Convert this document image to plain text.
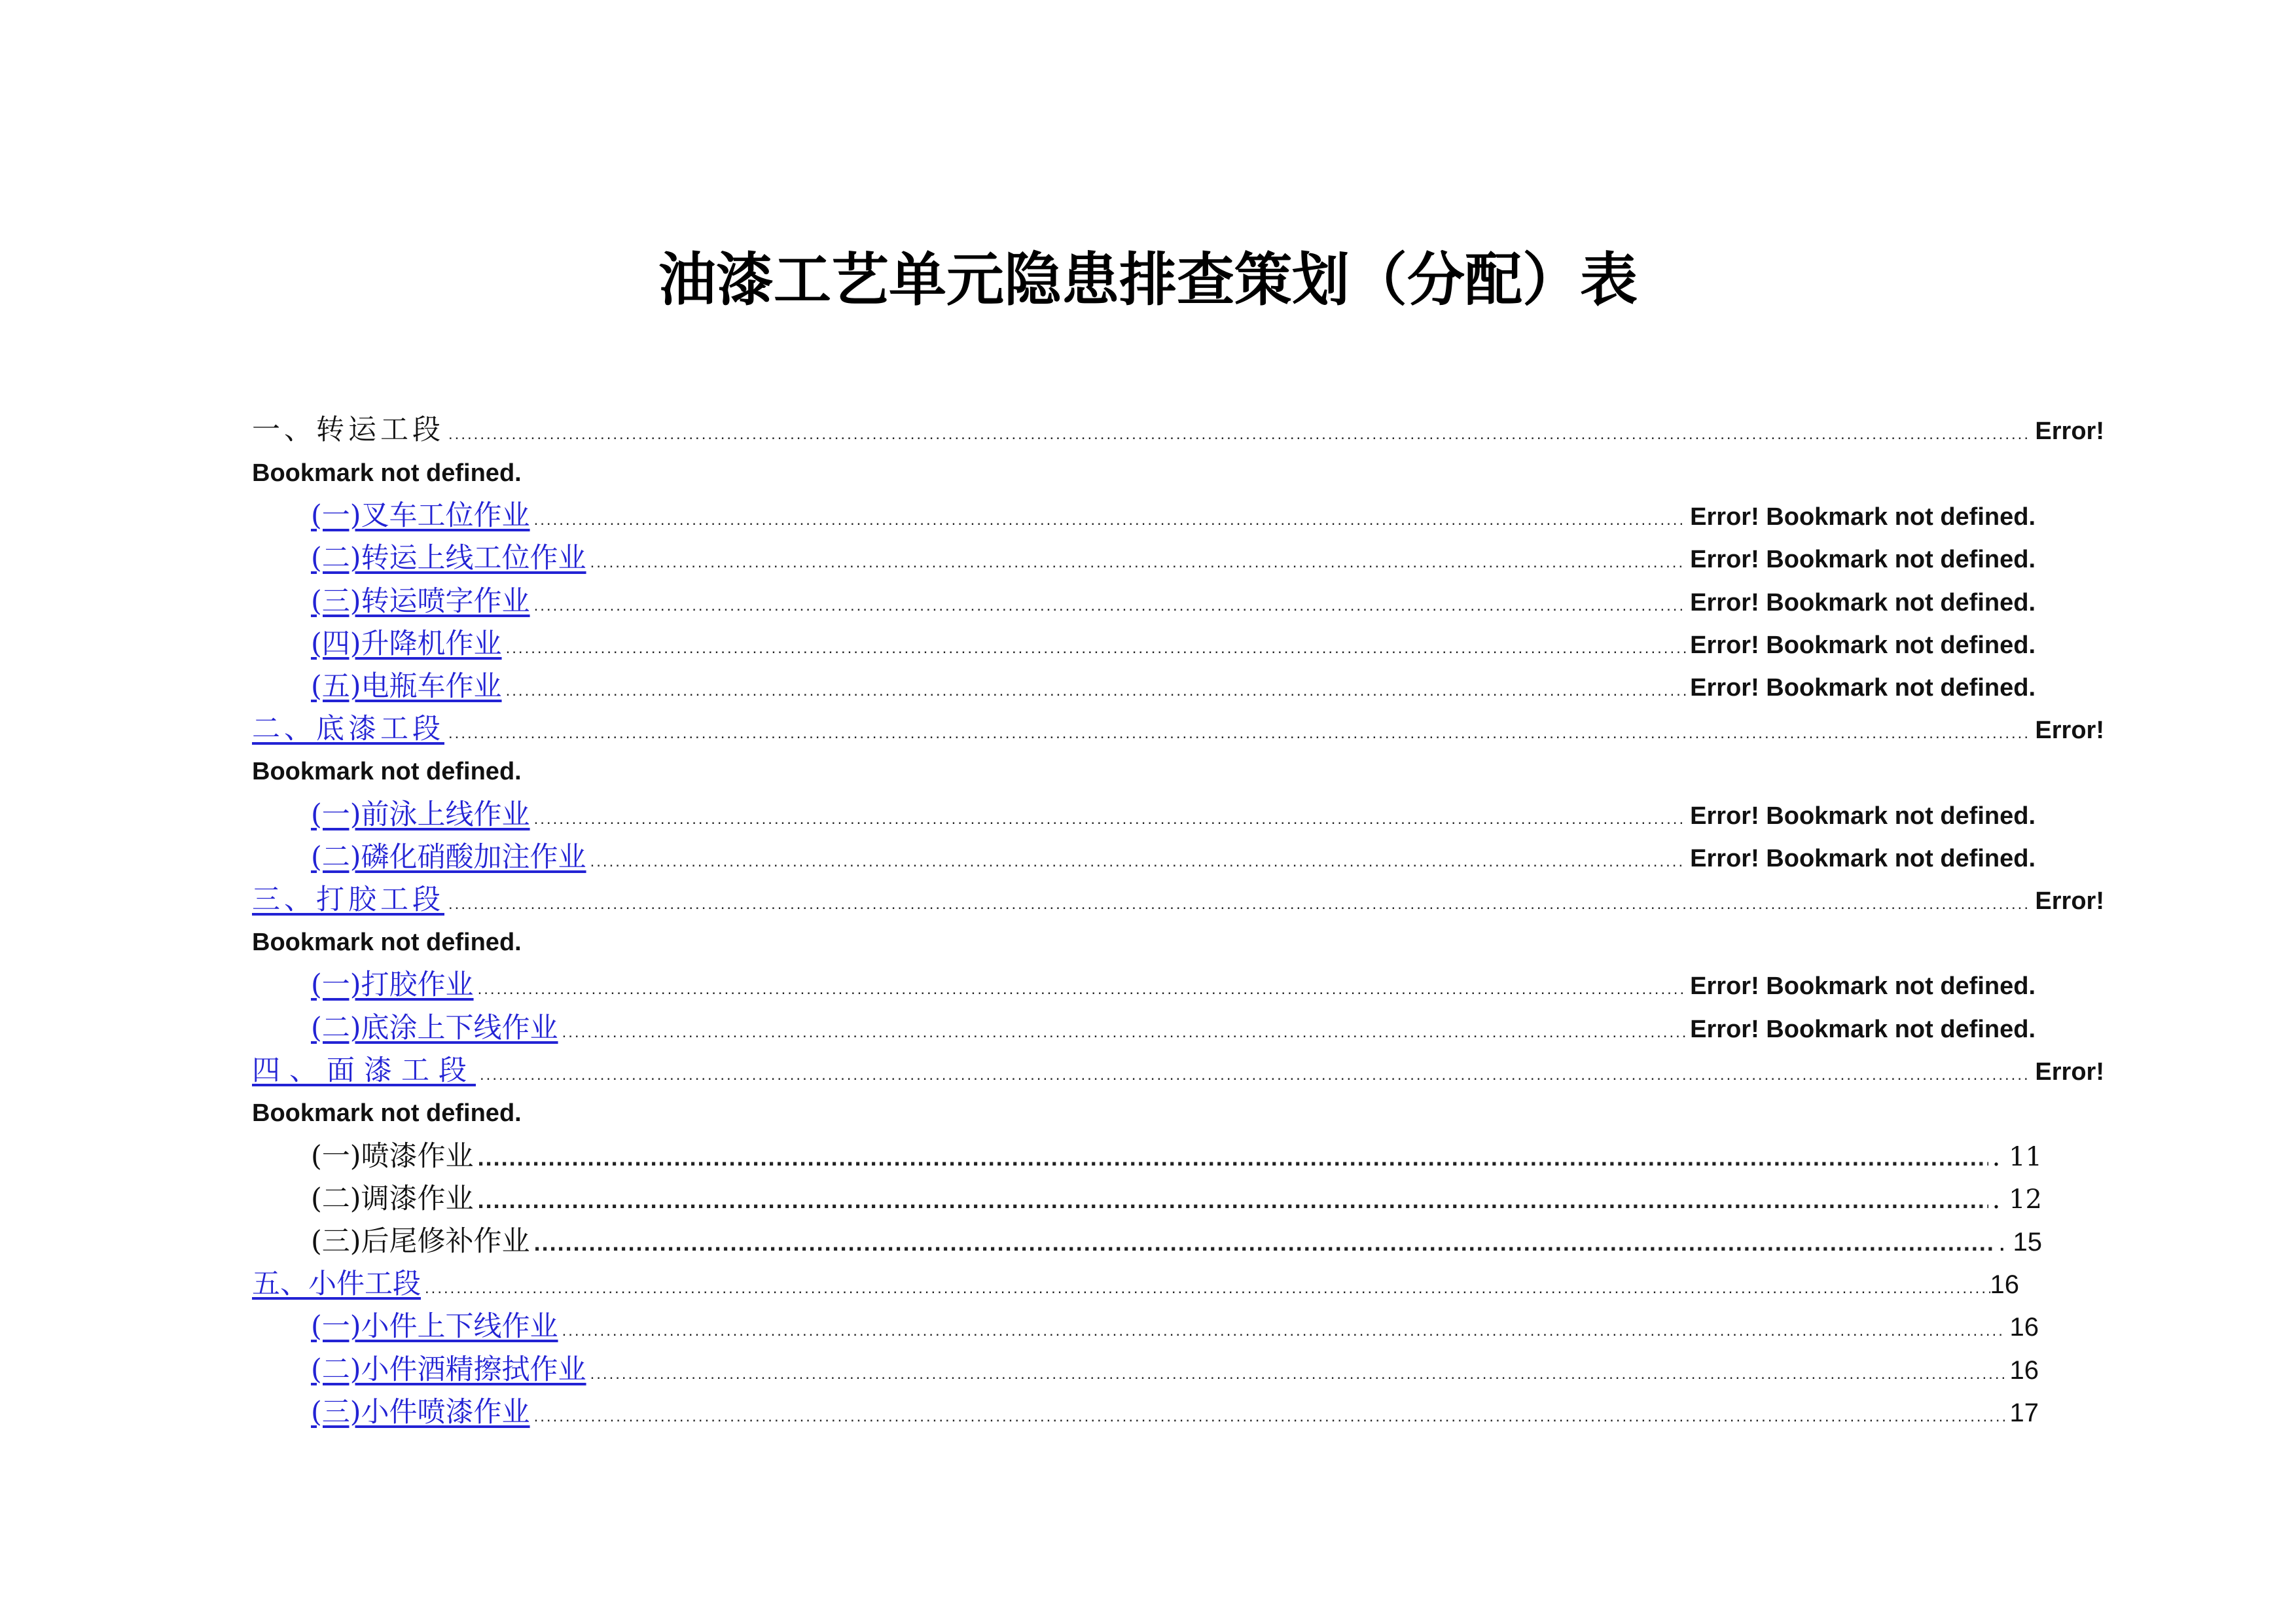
油漆工艺单元隐患排查策划（分配）表
一、转运工段 .....	Error!
Bookmark not defined.
(一)叉车工位作业 .....	Error! Bookmark not defined.
(二)转运上线工位作业 .....	Error! Bookmark not defined.
(三)转运喷字作业 .....	Error! Bookmark not defined.
(四)升降机作业 .....	Error! Bookmark not defined.
(五)电瓶车作业 .....	Error! Bookmark not defined.
二、底漆工段 .....	Error!
Bookmark not defined.
(一)前泳上线作业 .....	Error! Bookmark not defined.
(二)磷化硝酸加注作业 .....	Error! Bookmark not defined.
三、打胶工段 .....	Error!
Bookmark not defined.
(一)打胶作业 .....	Error! Bookmark not defined.
(二)底涂上下线作业 .....	Error! Bookmark not defined.
四、面漆工段 .....	Error!
Bookmark not defined.
(一)喷漆作业 .....	. 11
(二)调漆作业 .....	. 12
(三)后尾修补作业 .....	. 15
五、小件工段 .....	16
(一)小件上下线作业 .....	16
(二)小件酒精擦拭作业 .....	16
(三)小件喷漆作业 .....	17
